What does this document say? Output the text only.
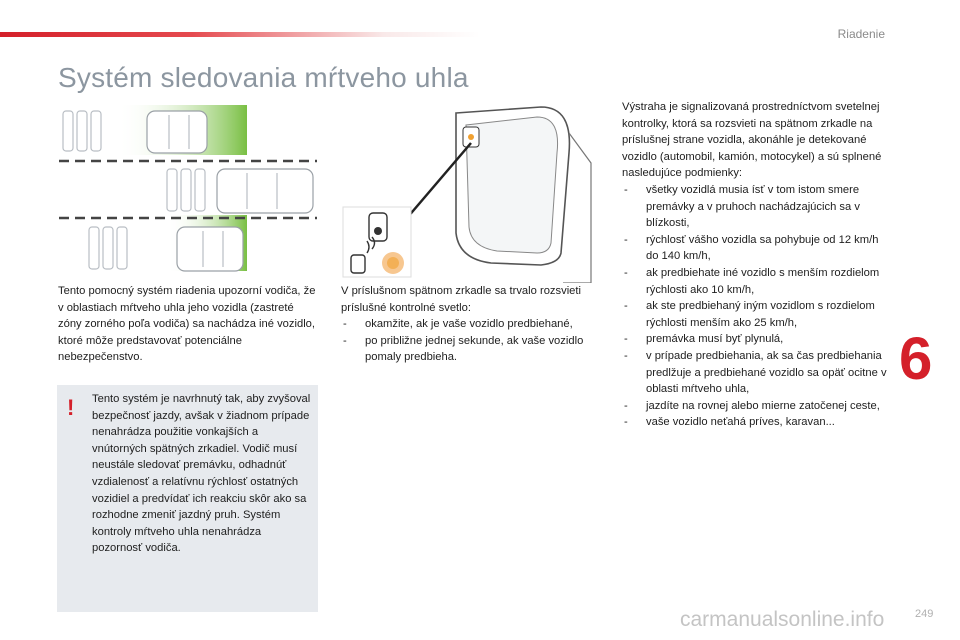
Riadenie
Systém sledovania mŕtveho uhla

Tento pomocný systém riadenia upozorní vodiča, že v oblastiach mŕtveho uhla jeho vozidla (zastreté zóny zorného poľa vodiča) sa nachádza iné vozidlo, ktoré môže predstavovať potenciálne nebezpečenstvo.

! Tento systém je navrhnutý tak, aby zvyšoval bezpečnosť jazdy, avšak v žiadnom prípade nenahrádza použitie vonkajších a vnútorných spätných zrkadiel. Vodič musí neustále sledovať premávku, odhadnúť vzdialenosť a relatívnu rýchlosť ostatných vozidiel a predvídať ich reakciu skôr ako sa rozhodne zmeniť jazdný pruh. Systém kontroly mŕtveho uhla nenahrádza pozornosť vodiča.

V príslušnom spätnom zrkadle sa trvalo rozsvieti príslušné kontrolné svetlo:

- okamžite, ak je vaše vozidlo predbiehané,
- po približne jednej sekunde, ak vaše vozidlo pomaly predbieha.

Výstraha je signalizovaná prostredníctvom svetelnej kontrolky, ktorá sa rozsvieti na spätnom zrkadle na príslušnej strane vozidla, akonáhle je detekované vozidlo (automobil, kamión, motocykel) a sú splnené nasledujúce podmienky:

- všetky vozidlá musia ísť v tom istom smere premávky a v pruhoch nachádzajúcich sa v blízkosti,
- rýchlosť vášho vozidla sa pohybuje od 12 km/h do 140 km/h,
- ak predbiehate iné vozidlo s menším rozdielom rýchlosti ako 10 km/h,
- ak ste predbiehaný iným vozidlom s rozdielom rýchlosti menším ako 25 km/h,
- premávka musí byť plynulá,
- v prípade predbiehania, ak sa čas predbiehania predlžuje a predbiehané vozidlo sa opäť ocitne v oblasti mŕtveho uhla,
- jazdíte na rovnej alebo mierne zatočenej ceste,
- vaše vozidlo neťahá príves, karavan...
6
carmanualsonline.info	249
